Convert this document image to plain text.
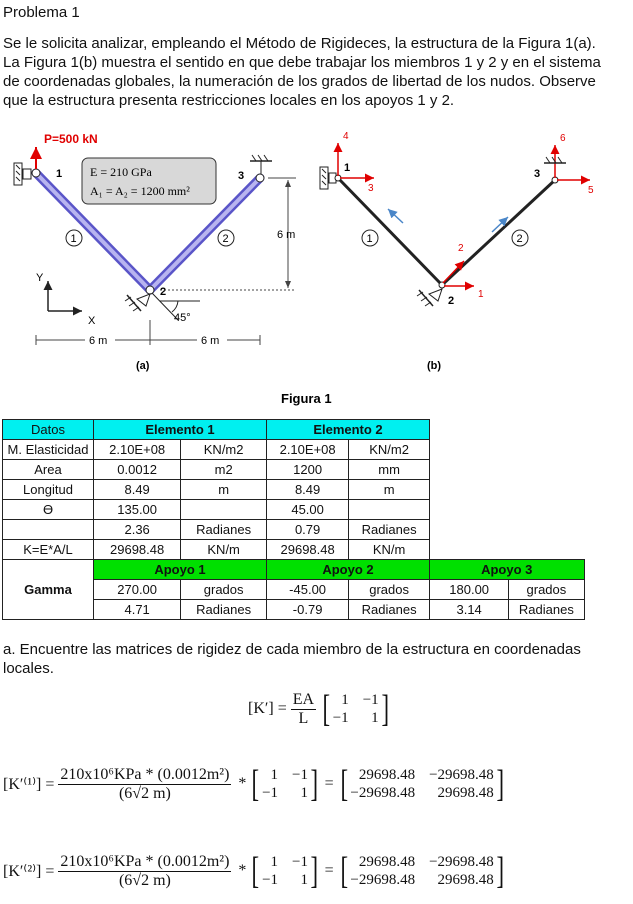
Problema 1
Se le solicita analizar, empleando el Método de Rigideces, la estructura de la Figura 1(a).
La Figura 1(b) muestra el sentido en que debe trabajar los miembros 1 y 2 y en el sistema
de coordenadas globales, la numeración de los grados de libertad de los nudos. Observe
que la estructura presenta restricciones locales en los apoyos 1 y 2.
P=500 kN
1	3
2
E = 210 GPa
A₁ = A₂ = 1200 mm²
1	2
45°
Y
X
6 m
6 m	6 m
(a)
4
3
6
5
2
1
1	3
2
1	2
(b)
Figura 1
Datos	Elemento 1		Elemento 2			
M. Elasticidad	2.10E+08	KN/m2	2.10E+08	KN/m2		
Area	0.0012	m2	1200	mm		
Longitud	8.49	m	8.49	m		
ϴ	135.00		45.00			
	2.36	Radianes	0.79	Radianes		
K=E*A/L	29698.48	KN/m	29698.48	KN/m		
Gamma	Apoyo 1		Apoyo 2		Apoyo 3	
	270.00	grados	-45.00	grados	180.00	grados
	4.71	Radianes	-0.79	Radianes	3.14	Radianes
a. Encuentre las matrices de rigidez de cada miembro de la estructura en coordenadas
locales.
$[K'] = \frac{EA}{L}$ [ 1 −1
−1	1 ]
$[K'^{(1)}] = \frac{\text{210x10⁶KPa * (0.0012m²)}}{(6√2 m)}$ * [ 1 −1
−1	1 ] = [ 29698.48 −29698.48
−29698.48	29698.48 ]
$[K'^{(2)}] = \frac{\text{210x10⁶KPa * (0.0012m²)}}{(6√2 m)}$ * [ 1 −1
−1	1 ] = [ 29698.48 −29698.48
−29698.48	29698.48 ]
